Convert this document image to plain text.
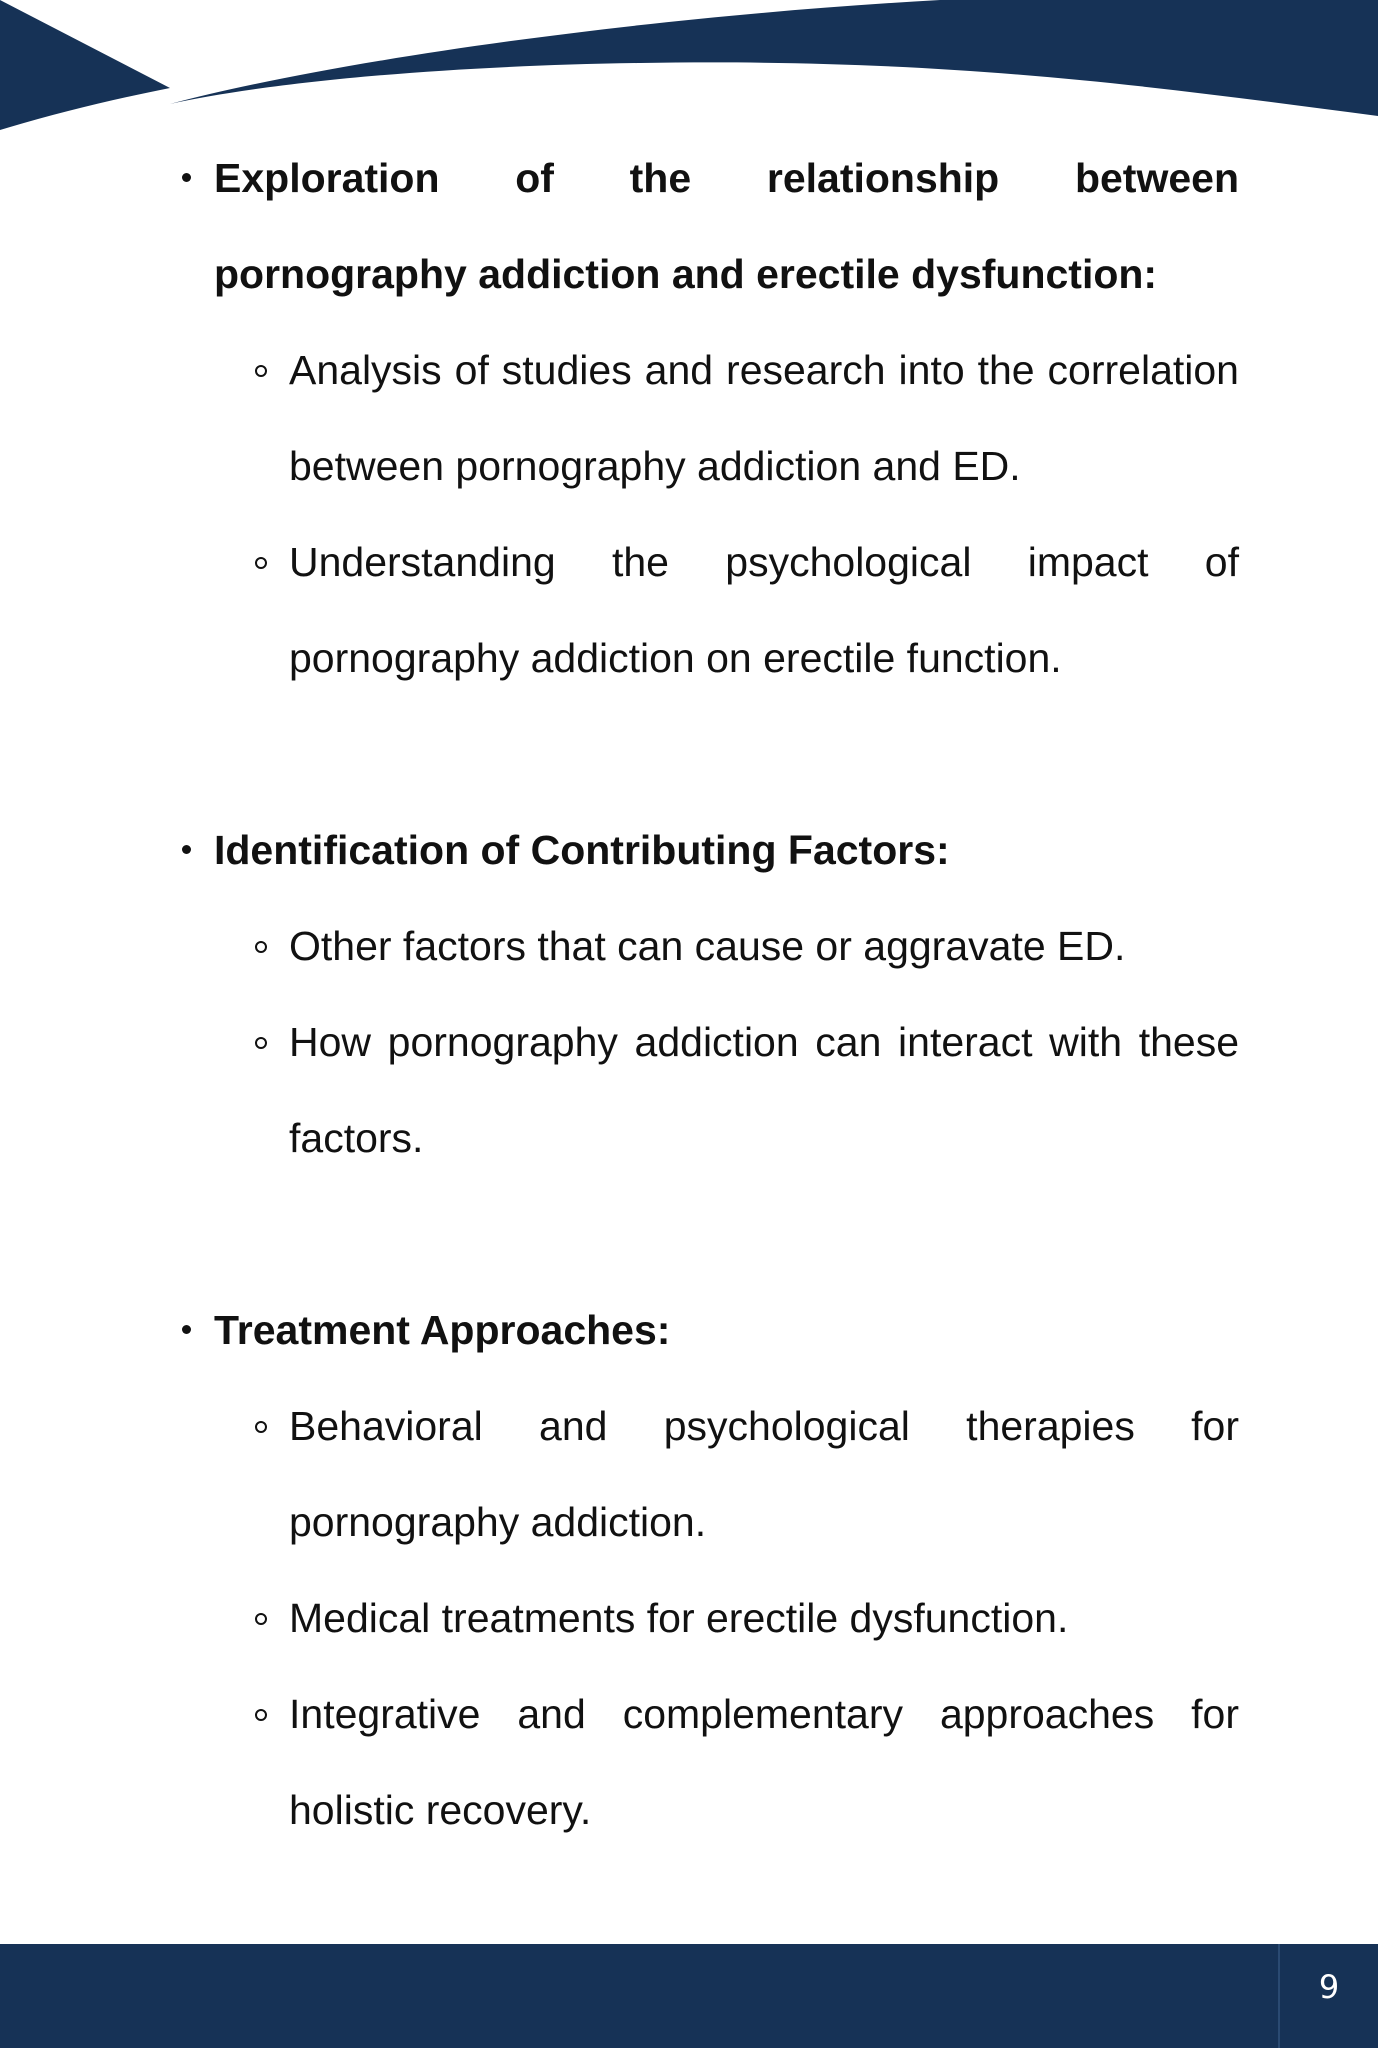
Exploration of the relationship between pornography addiction and erectile dysfunction:
Analysis of studies and research into the correlation between pornography addiction and ED.
Understanding the psychological impact of pornography addiction on erectile function.
Identification of Contributing Factors:
Other factors that can cause or aggravate ED.
How pornography addiction can interact with these factors.
Treatment Approaches:
Behavioral and psychological therapies for pornography addiction.
Medical treatments for erectile dysfunction.
Integrative and complementary approaches for holistic recovery.
9
